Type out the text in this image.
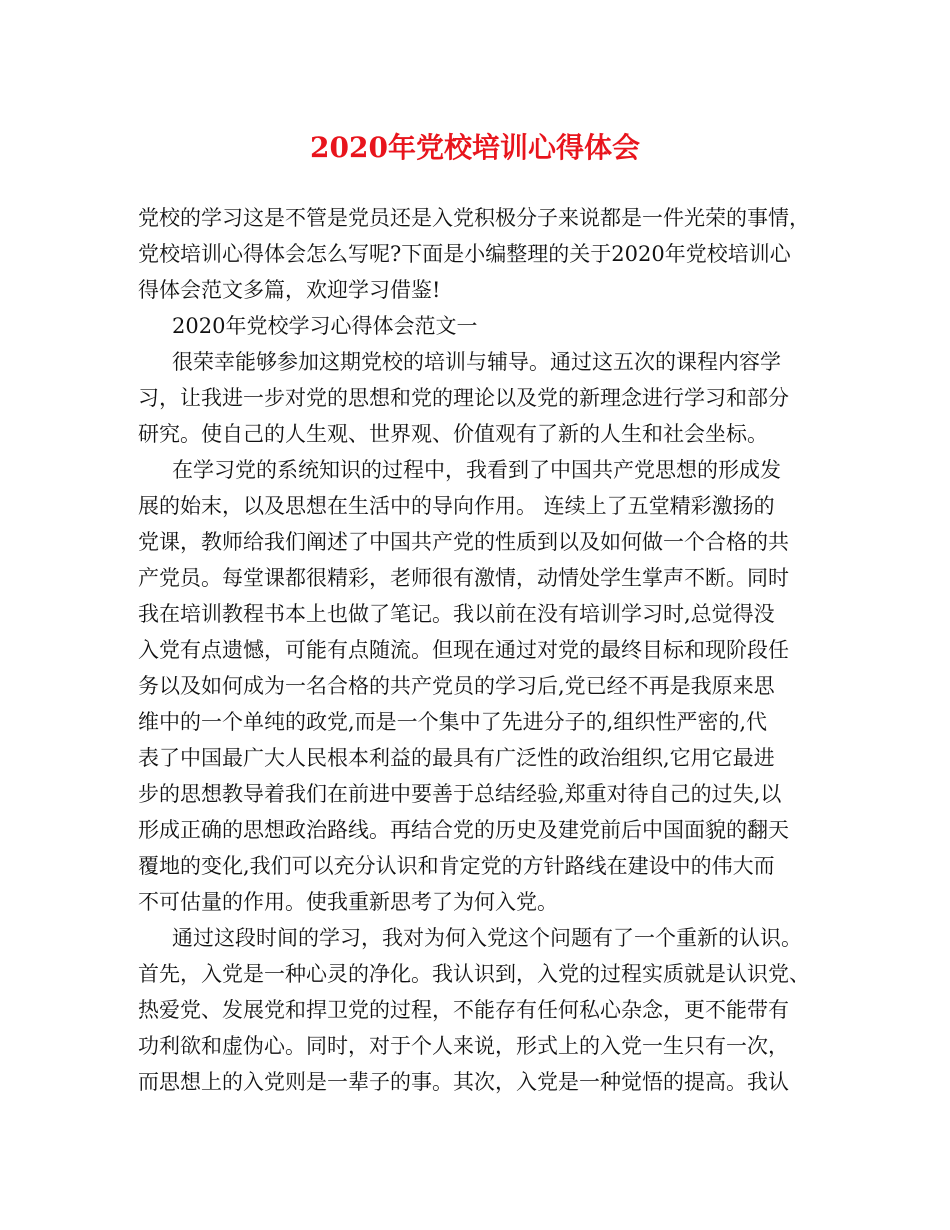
2020年党校培训心得体会
党校的学习这是不管是党员还是入党积极分子来说都是一件光荣的事情，
党校培训心得体会怎么写呢?下面是小编整理的关于2020年党校培训心
得体会范文多篇，欢迎学习借鉴!
2020年党校学习心得体会范文一
很荣幸能够参加这期党校的培训与辅导。通过这五次的课程内容学
习，让我进一步对党的思想和党的理论以及党的新理念进行学习和部分
研究。使自己的人生观、世界观、价值观有了新的人生和社会坐标。
在学习党的系统知识的过程中，我看到了中国共产党思想的形成发
展的始末，以及思想在生活中的导向作用。 连续上了五堂精彩激扬的
党课，教师给我们阐述了中国共产党的性质到以及如何做一个合格的共
产党员。每堂课都很精彩，老师很有激情，动情处学生掌声不断。同时
我在培训教程书本上也做了笔记。我以前在没有培训学习时,总觉得没
入党有点遗憾，可能有点随流。但现在通过对党的最终目标和现阶段任
务以及如何成为一名合格的共产党员的学习后,党已经不再是我原来思
维中的一个单纯的政党,而是一个集中了先进分子的,组织性严密的,代
表了中国最广大人民根本利益的最具有广泛性的政治组织,它用它最进
步的思想教导着我们在前进中要善于总结经验,郑重对待自己的过失,以
形成正确的思想政治路线。再结合党的历史及建党前后中国面貌的翻天
覆地的变化,我们可以充分认识和肯定党的方针路线在建设中的伟大而
不可估量的作用。使我重新思考了为何入党。
通过这段时间的学习，我对为何入党这个问题有了一个重新的认识。
首先，入党是一种心灵的净化。我认识到，入党的过程实质就是认识党、
热爱党、发展党和捍卫党的过程，不能存有任何私心杂念，更不能带有
功利欲和虚伪心。同时，对于个人来说，形式上的入党一生只有一次，
而思想上的入党则是一辈子的事。其次，入党是一种觉悟的提高。我认
